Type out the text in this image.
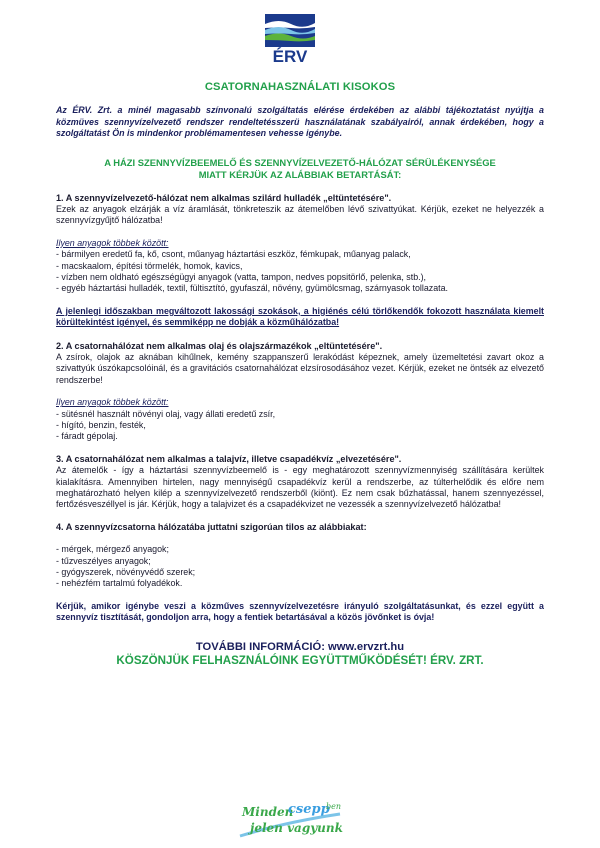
ÉRV

CSATORNAHASZNÁLATI KISOKOS

Az ÉRV. Zrt. a minél magasabb színvonalú szolgáltatás elérése érdekében az alábbi tájékoztatást nyújtja a közmüves szennyvízelvezető rendszer rendeltetésszerü használatának szabályairól, annak érdekében, hogy a szolgáltatást Ön is mindenkor problémamentesen vehesse igénybe.

A HÁZI SZENNYVÍZBEEMELŐ ÉS SZENNYVÍZELVEZETŐ-HÁLÓZAT SÉRÜLÉKENYSÉGE
MIATT KÉRJÜK AZ ALÁBBIAK BETARTÁSÁT:

1. A szennyvízelvezető-hálózat nem alkalmas szilárd hulladék „eltüntetésére".

Ezek az anyagok elzárják a víz áramlását, tönkreteszik az átemelőben lévő szivattyúkat. Kérjük, ezeket ne helyezzék a szennyvízgyűjtő hálózatba!

Ilyen anyagok többek között:

- bármilyen eredetű fa, kő, csont, műanyag háztartási eszköz, fémkupak, műanyag palack,
- macskaalom, építési törmelék, homok, kavics,
- vízben nem oldható egészségügyi anyagok (vatta, tampon, nedves popsitörlő, pelenka, stb.),
- egyéb háztartási hulladék, textil, fültisztító, gyufaszál, növény, gyümölcsmag, szárnyasok tollazata.

A jelenlegi időszakban megváltozott lakossági szokások, a higiénés célú törlőkendők fokozott használata kiemelt körültekintést igényel, és semmiképp ne dobják a közműhálózatba!

2. A csatornahálózat nem alkalmas olaj és olajszármazékok „eltüntetésére".

A zsírok, olajok az aknában kihűlnek, kemény szappanszerű lerakódást képeznek, amely üzemeltetési zavart okoz a szivattyúk úszókapcsolóinál, és a gravitációs csatornahálózat elzsírosodásához vezet. Kérjük, ezeket ne öntsék az elvezető rendszerbe!

Ilyen anyagok többek között:

- sütésnél használt növényi olaj, vagy állati eredetű zsír,
- hígító, benzin, festék,
- fáradt gépolaj.

3. A csatornahálózat nem alkalmas a talajvíz, illetve csapadékvíz „elvezetésére".

Az átemelők - így a háztartási szennyvízbeemelő is - egy meghatározott szennyvízmennyiség szállítására kerültek kialakításra. Amennyiben hirtelen, nagy mennyiségű csapadékvíz kerül a rendszerbe, az túlterhelődik és előre nem meghatározható helyen kilép a szennyvízelvezető rendszerből (kiönt). Ez nem csak bűzhatással, hanem szennyezéssel, fertőzésveszéllyel is jár. Kérjük, hogy a talajvizet és a csapadékvizet ne vezessék a szennyvízelvezető hálózatba!

4. A szennyvízcsatorna hálózatába juttatni szigorúan tilos az alábbiakat:

- mérgek, mérgező anyagok;
- tűzveszélyes anyagok;
- gyógyszerek, növényvédő szerek;
- nehézfém tartalmú folyadékok.

Kérjük, amikor igénybe veszi a közműves szennyvízelvezetésre irányuló szolgáltatásunkat, és ezzel együtt a szennyvíz tisztítását, gondoljon arra, hogy a fentiek betartásával a közös jövőnket is óvja!

TOVÁBBI INFORMÁCIÓ: www.ervzrt.hu

KÖSZÖNJÜK FELHASZNÁLÓINK EGYÜTTMŰKÖDÉSÉT! ÉRV. ZRT.

Minden
csepp
ben
jelen vagyunk
